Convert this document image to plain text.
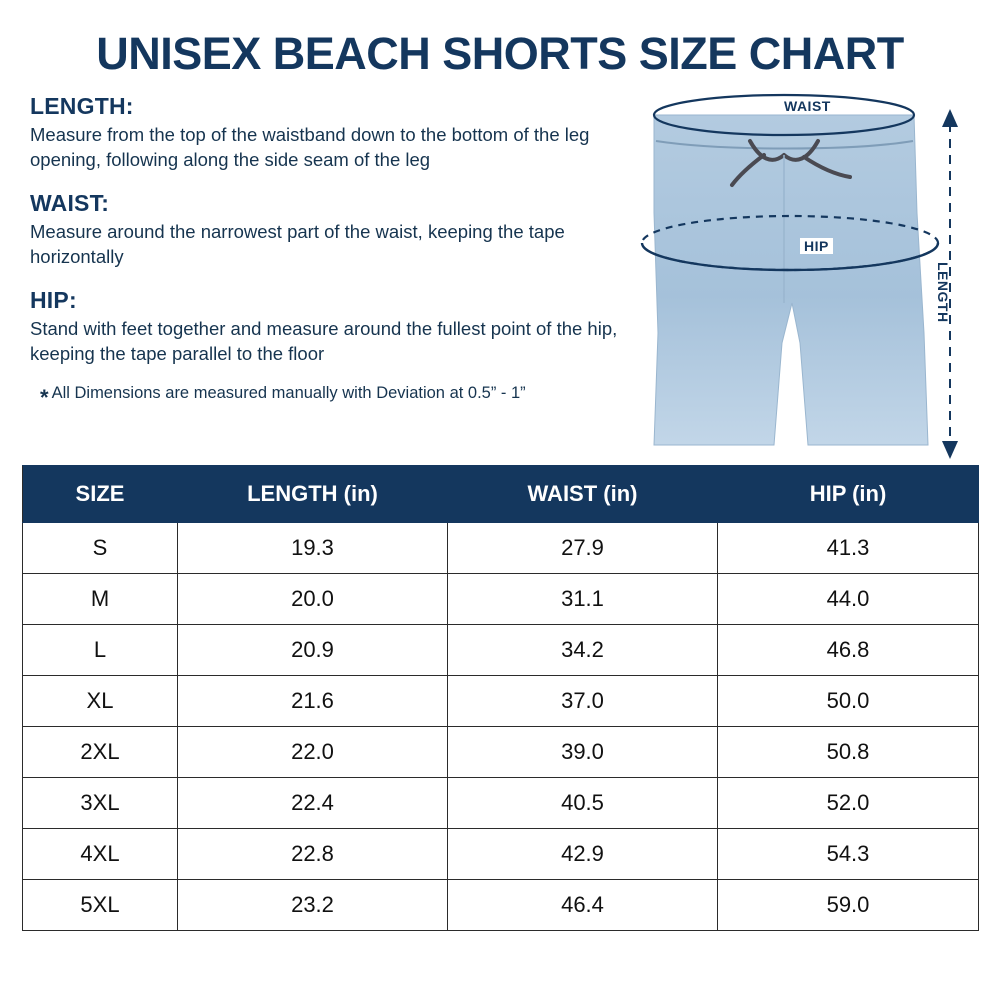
UNISEX BEACH SHORTS SIZE CHART
LENGTH:
Measure from the top of the waistband down to the bottom of the leg opening, following along the side seam of the leg
WAIST:
Measure around the narrowest part of the waist, keeping the tape horizontally
HIP:
Stand with feet together and measure around the fullest point of the hip, keeping the tape parallel to the floor
* All Dimensions are measured manually with Deviation at 0.5” - 1”
WAIST
HIP
LENGTH
SIZE	LENGTH (in)	WAIST (in)	HIP (in)
S	19.3	27.9	41.3
M	20.0	31.1	44.0
L	20.9	34.2	46.8
XL	21.6	37.0	50.0
2XL	22.0	39.0	50.8
3XL	22.4	40.5	52.0
4XL	22.8	42.9	54.3
5XL	23.2	46.4	59.0
